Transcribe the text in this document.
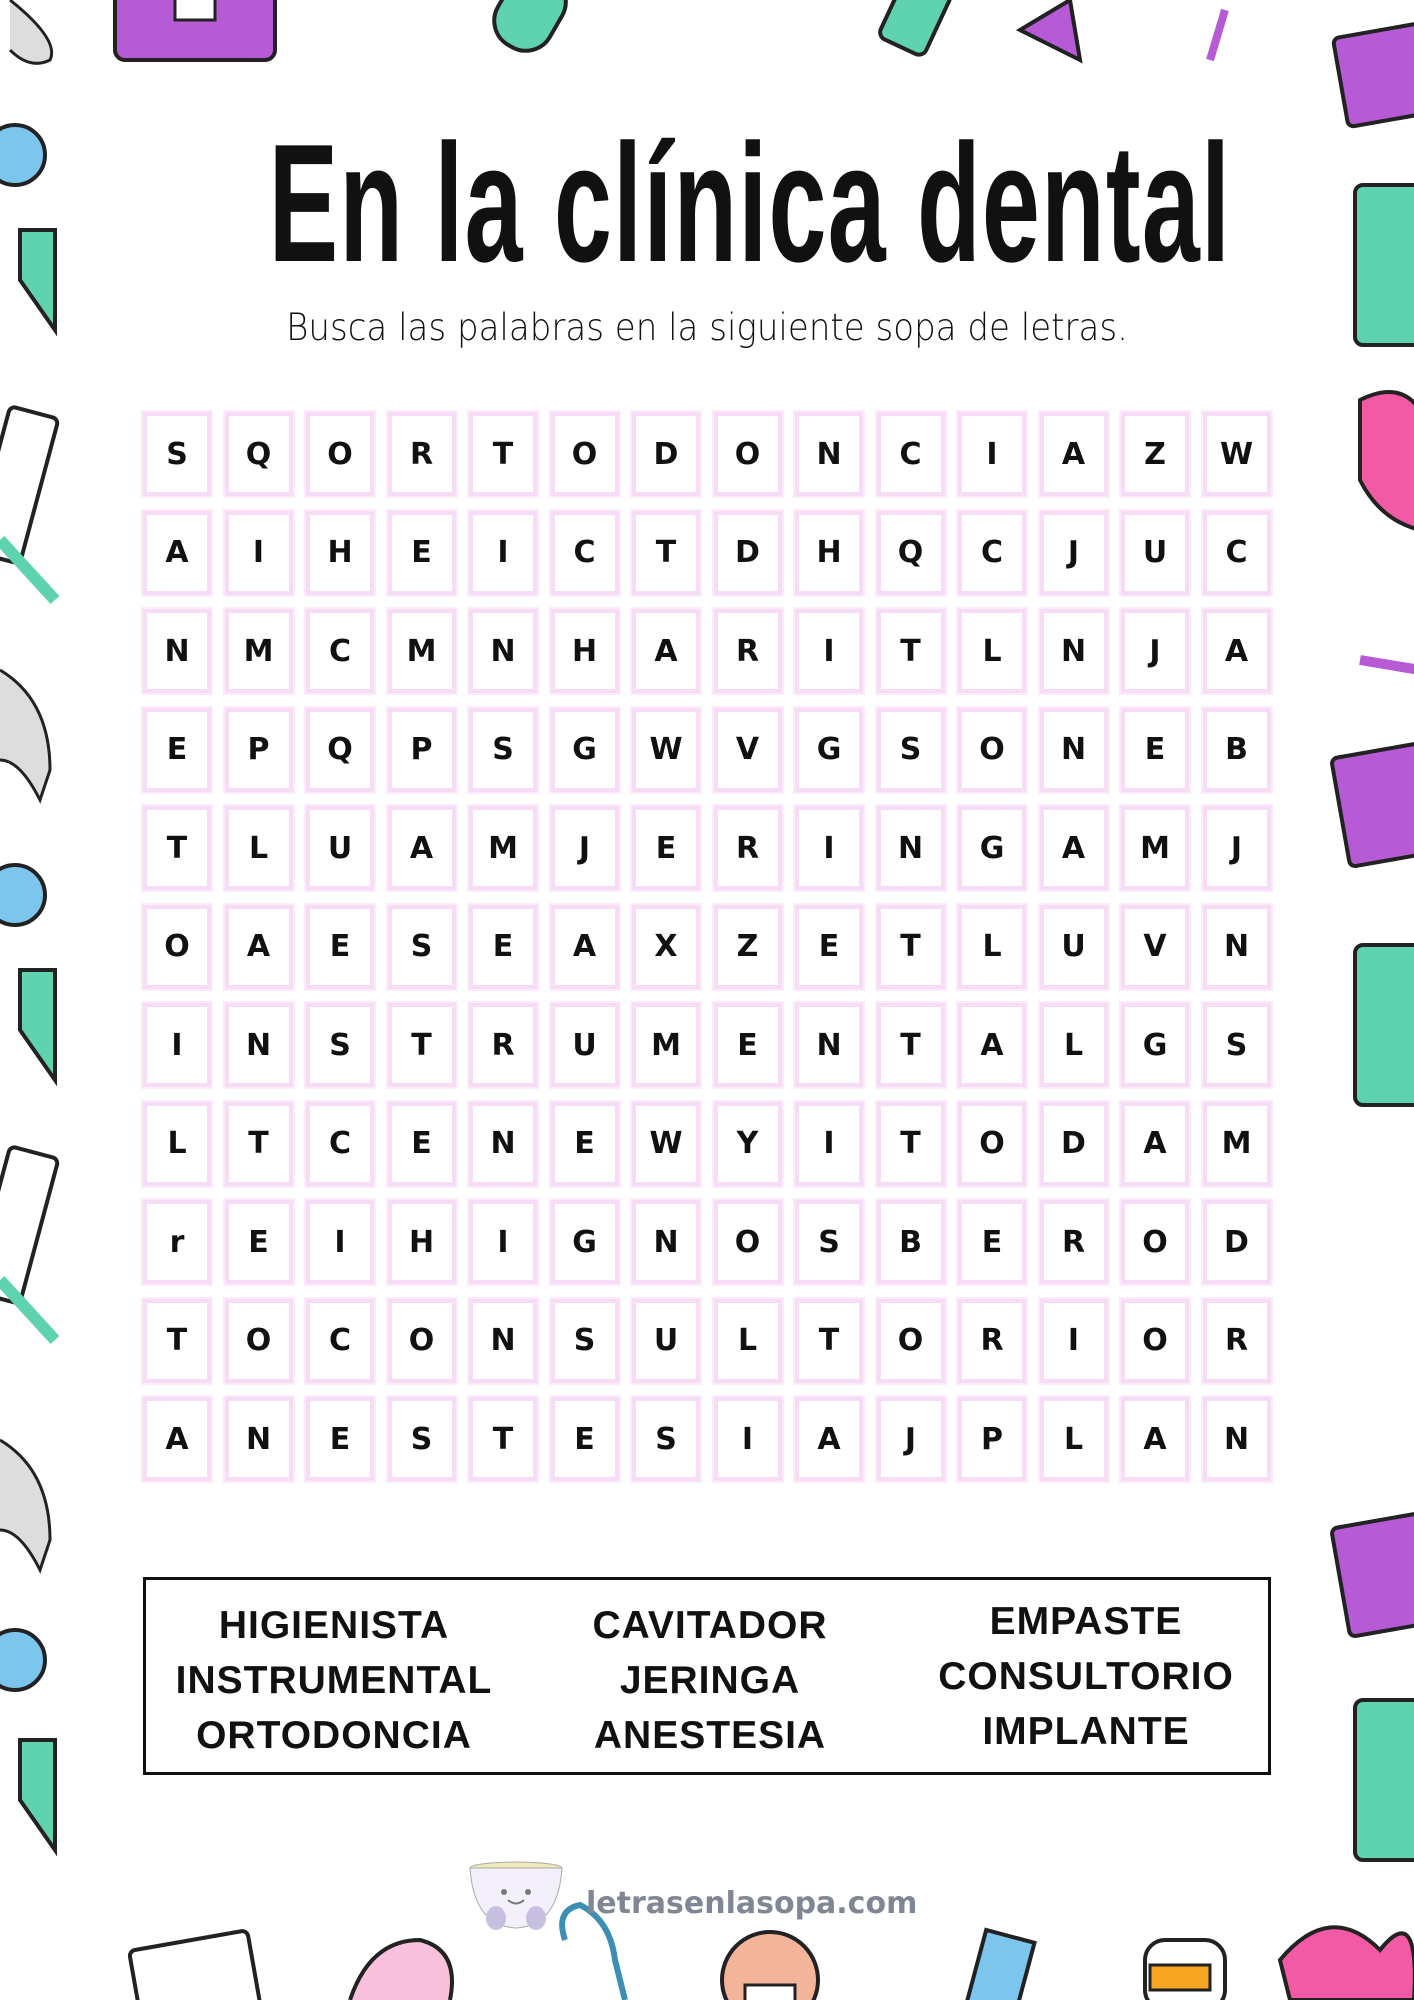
En la clínica dental
Busca las palabras en la siguiente sopa de letras.
S	Q	O	R	T	O	D	O	N	C	I	A	Z	W
A	I	H	E	I	C	T	D	H	Q	C	J	U	C
N	M	C	M	N	H	A	R	I	T	L	N	J	A
E	P	Q	P	S	G	W	V	G	S	O	N	E	B
T	L	U	A	M	J	E	R	I	N	G	A	M	J
O	A	E	S	E	A	X	Z	E	T	L	U	V	N
I	N	S	T	R	U	M	E	N	T	A	L	G	S
L	T	C	E	N	E	W	Y	I	T	O	D	A	M
r	E	I	H	I	G	N	O	S	B	E	R	O	D
T	O	C	O	N	S	U	L	T	O	R	I	O	R
A	N	E	S	T	E	S	I	A	J	P	L	A	N
HIGIENISTA
INSTRUMENTAL
ORTODONCIA
CAVITADOR
JERINGA
ANESTESIA
EMPASTE
CONSULTORIO
IMPLANTE
letrasenlasopa.com
